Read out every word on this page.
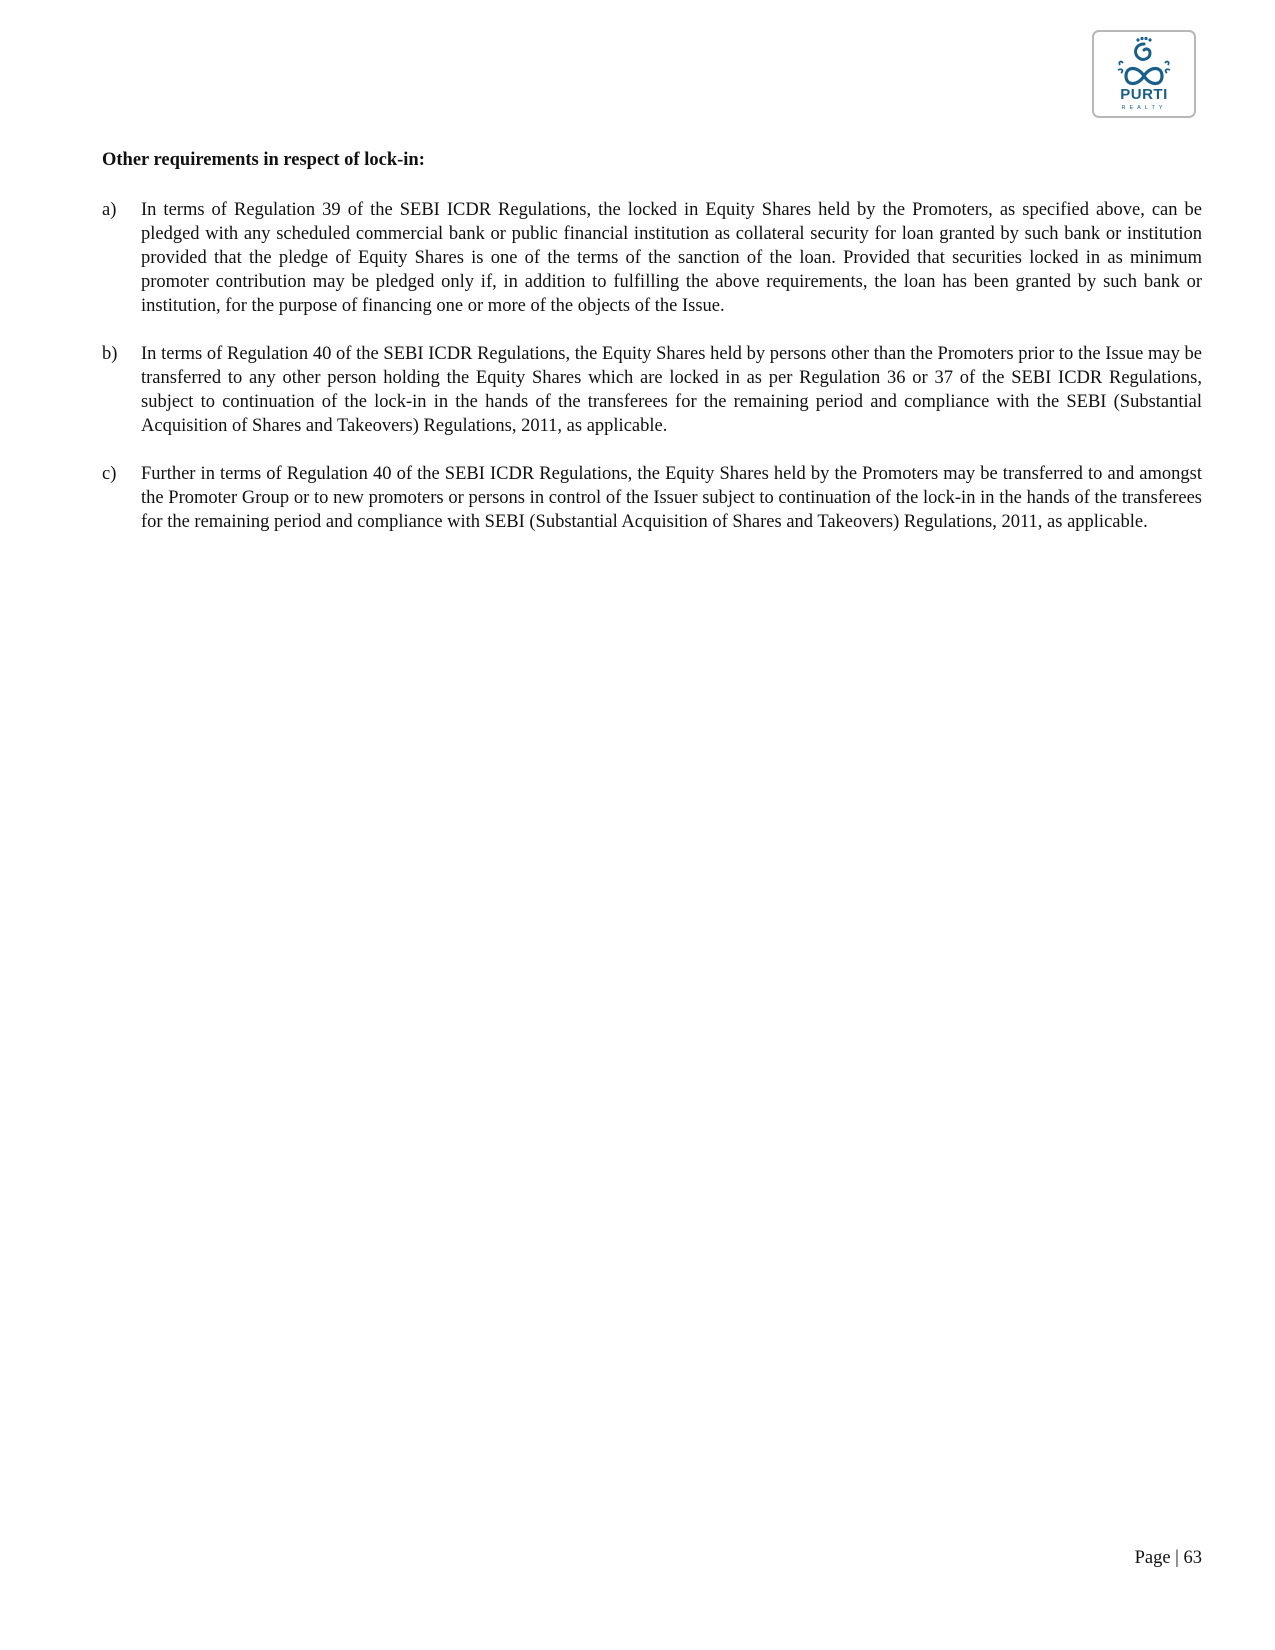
PURTI
REALTY
Other requirements in respect of lock-in:
a) In terms of Regulation 39 of the SEBI ICDR Regulations, the locked in Equity Shares held by the Promoters, as specified above, can be pledged with any scheduled commercial bank or public financial institution as collateral security for loan granted by such bank or institution provided that the pledge of Equity Shares is one of the terms of the sanction of the loan. Provided that securities locked in as minimum promoter contribution may be pledged only if, in addition to fulfilling the above requirements, the loan has been granted by such bank or institution, for the purpose of financing one or more of the objects of the Issue.
b) In terms of Regulation 40 of the SEBI ICDR Regulations, the Equity Shares held by persons other than the Promoters prior to the Issue may be transferred to any other person holding the Equity Shares which are locked in as per Regulation 36 or 37 of the SEBI ICDR Regulations, subject to continuation of the lock-in in the hands of the transferees for the remaining period and compliance with the SEBI (Substantial Acquisition of Shares and Takeovers) Regulations, 2011, as applicable.
c) Further in terms of Regulation 40 of the SEBI ICDR Regulations, the Equity Shares held by the Promoters may be transferred to and amongst the Promoter Group or to new promoters or persons in control of the Issuer subject to continuation of the lock-in in the hands of the transferees for the remaining period and compliance with SEBI (Substantial Acquisition of Shares and Takeovers) Regulations, 2011, as applicable.
Page | 63
